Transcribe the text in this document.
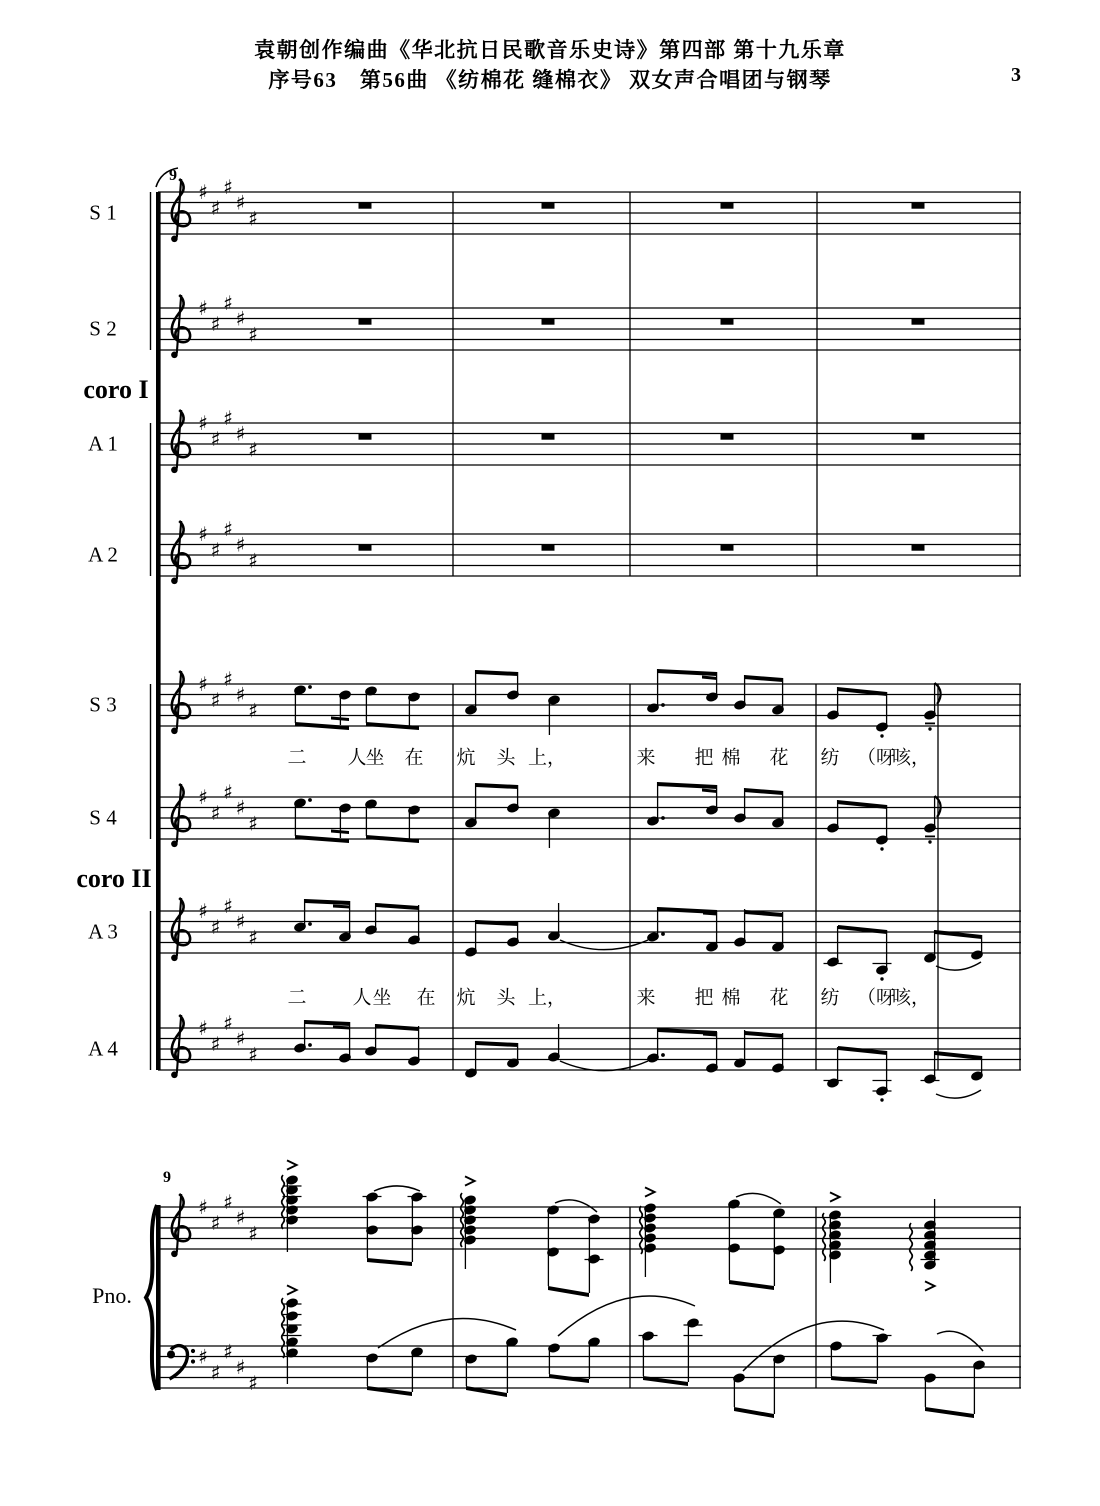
♯
♯
♯
♯
♯
♯
♯
♯
♯
♯
♯
♯
♯
♯
♯
♯
♯
♯
♯
♯
♯
♯
♯
♯
♯
♯
♯
♯
♯
♯
♯
♯
♯
♯
♯
♯
♯
♯
♯
♯
♯
♯
♯
♯
♯
♯
♯
♯
♯
♯
袁朝创作编曲《华北抗日民歌音乐史诗》第四部 第十九乐章
序号63　第56曲 《纺棉花 缝棉衣》 双女声合唱团与钢琴	3
coro I
9
S 1
S 2
A 1
A 2
coro II
S 3
S 4
A 3
A 4
二 人
坐 在 炕 头 上，	来 把 棉 花 纺 （呀
咳，
二 人 坐 在 炕 头 上，	来 把 棉 花 纺 （呀
咳，
Pno.
9
